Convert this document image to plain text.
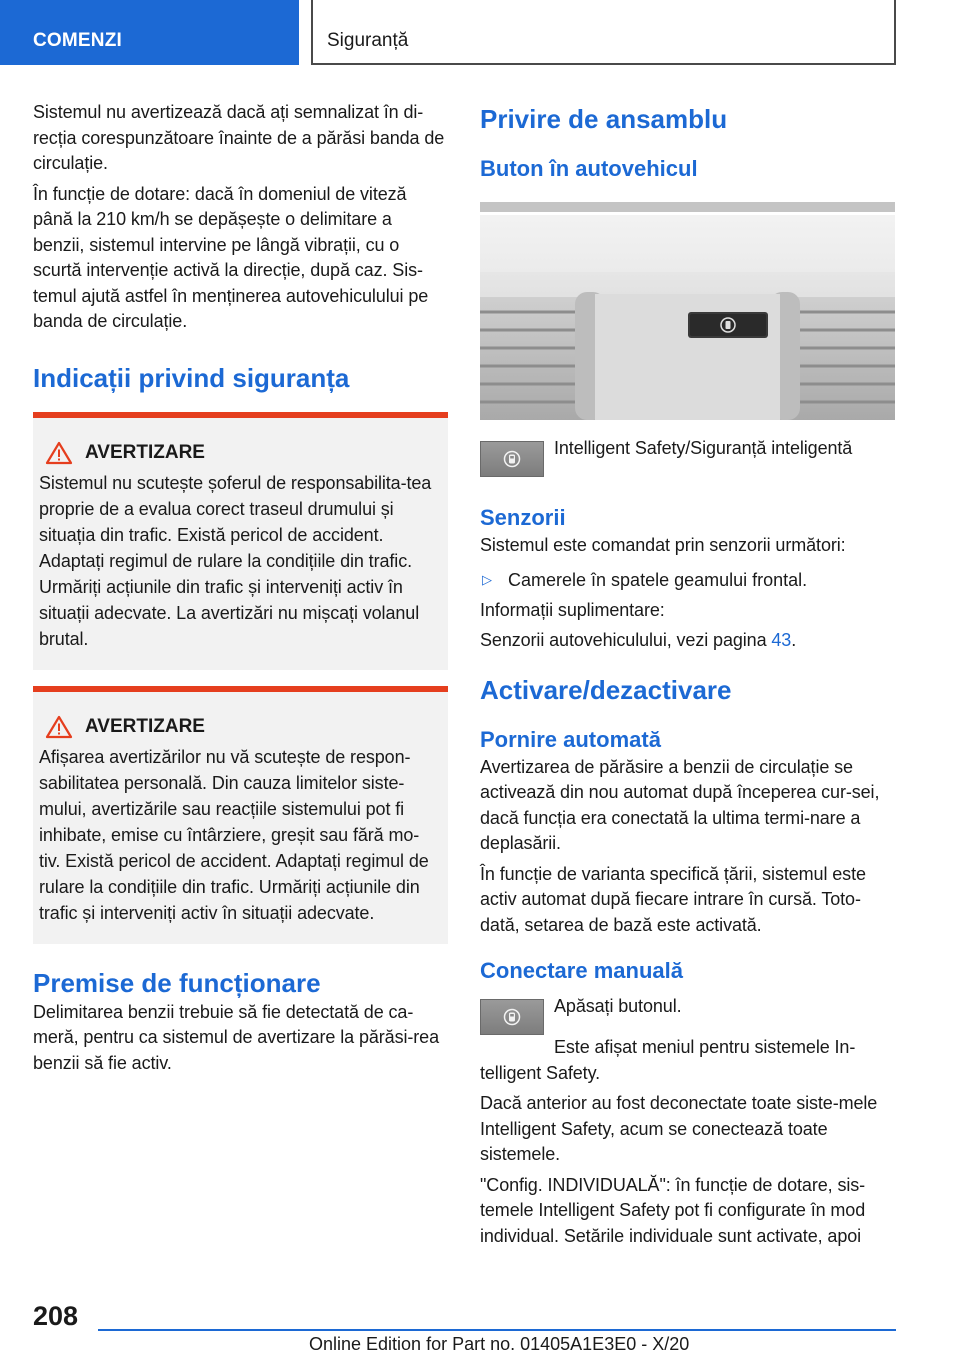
COMENZI	Siguranță

Sistemul nu avertizează dacă ați semnalizat în di-recția corespunzătoare înainte de a părăsi banda de circulație.

În funcție de dotare: dacă în domeniul de viteză până la 210 km/h se depășește o delimitare a benzii, sistemul intervine pe lângă vibrații, cu o scurtă intervenție activă la direcție, după caz. Sis-temul ajută astfel în menținerea autovehiculului pe banda de circulație.

Indicații privind siguranța
AVERTIZARE

Sistemul nu scutește șoferul de responsabilita-tea proprie de a evalua corect traseul drumului și situația din trafic. Există pericol de accident. Adaptați regimul de rulare la condițiile din trafic. Urmăriți acțiunile din trafic și interveniți activ în situații adecvate. La avertizări nu mișcați volanul brutal.

AVERTIZARE

Afișarea avertizărilor nu vă scutește de respon-sabilitatea personală. Din cauza limitelor siste-mului, avertizările sau reacțiile sistemului pot fi inhibate, emise cu întârziere, greșit sau fără mo-tiv. Există pericol de accident. Adaptați regimul de rulare la condițiile din trafic. Urmăriți acțiunile din trafic și interveniți activ în situații adecvate.

Premise de funcționare

Delimitarea benzii trebuie să fie detectată de ca-meră, pentru ca sistemul de avertizare la părăsi-rea benzii să fie activ.

Privire de ansamblu
Buton în autovehicul

Intelligent Safety/Siguranță inteligentă

Senzorii

Sistemul este comandat prin senzorii următori:

▷ Camerele în spatele geamului frontal.

Informații suplimentare:

Senzorii autovehiculului, vezi pagina 43.

Activare/dezactivare
Pornire automată

Avertizarea de părăsire a benzii de circulație se activează din nou automat după începerea cur-sei, dacă funcția era conectată la ultima termi-nare a deplasării.

În funcție de varianta specifică țării, sistemul este activ automat după fiecare intrare în cursă. Toto-dată, setarea de bază este activată.

Conectare manuală

Apăsați butonul.

Este afișat meniul pentru sistemele In-telligent Safety.

Dacă anterior au fost deconectate toate siste-mele Intelligent Safety, acum se conectează toate sistemele.

"Config. INDIVIDUALĂ": în funcție de dotare, sis-temele Intelligent Safety pot fi configurate în mod individual. Setările individuale sunt activate, apoi

208
Online Edition for Part no. 01405A1E3E0 - X/20
